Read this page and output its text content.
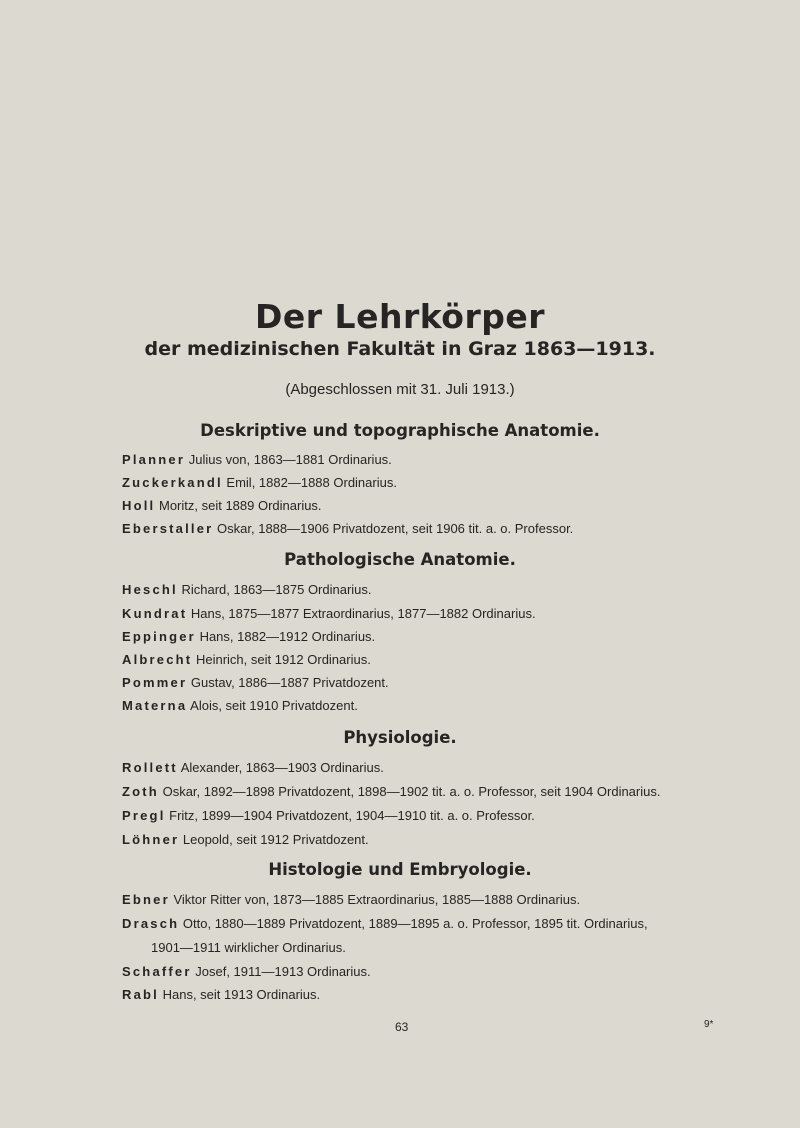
Der Lehrkörper
der medizinischen Fakultät in Graz 1863—1913.
(Abgeschlossen mit 31. Juli 1913.)
Deskriptive und topographische Anatomie.
Planner Julius von, 1863—1881 Ordinarius.
Zuckerkandl Emil, 1882—1888 Ordinarius.
Holl Moritz, seit 1889 Ordinarius.
Eberstaller Oskar, 1888—1906 Privatdozent, seit 1906 tit. a. o. Professor.
Pathologische Anatomie.
Heschl Richard, 1863—1875 Ordinarius.
Kundrat Hans, 1875—1877 Extraordinarius, 1877—1882 Ordinarius.
Eppinger Hans, 1882—1912 Ordinarius.
Albrecht Heinrich, seit 1912 Ordinarius.
Pommer Gustav, 1886—1887 Privatdozent.
Materna Alois, seit 1910 Privatdozent.
Physiologie.
Rollett Alexander, 1863—1903 Ordinarius.
Zoth Oskar, 1892—1898 Privatdozent, 1898—1902 tit. a. o. Professor, seit 1904 Ordinarius.
Pregl Fritz, 1899—1904 Privatdozent, 1904—1910 tit. a. o. Professor.
Löhner Leopold, seit 1912 Privatdozent.
Histologie und Embryologie.
Ebner Viktor Ritter von, 1873—1885 Extraordinarius, 1885—1888 Ordinarius.
Drasch Otto, 1880—1889 Privatdozent, 1889—1895 a. o. Professor, 1895 tit. Ordinarius,
1901—1911 wirklicher Ordinarius.
Schaffer Josef, 1911—1913 Ordinarius.
Rabl Hans, seit 1913 Ordinarius.
63	9*
